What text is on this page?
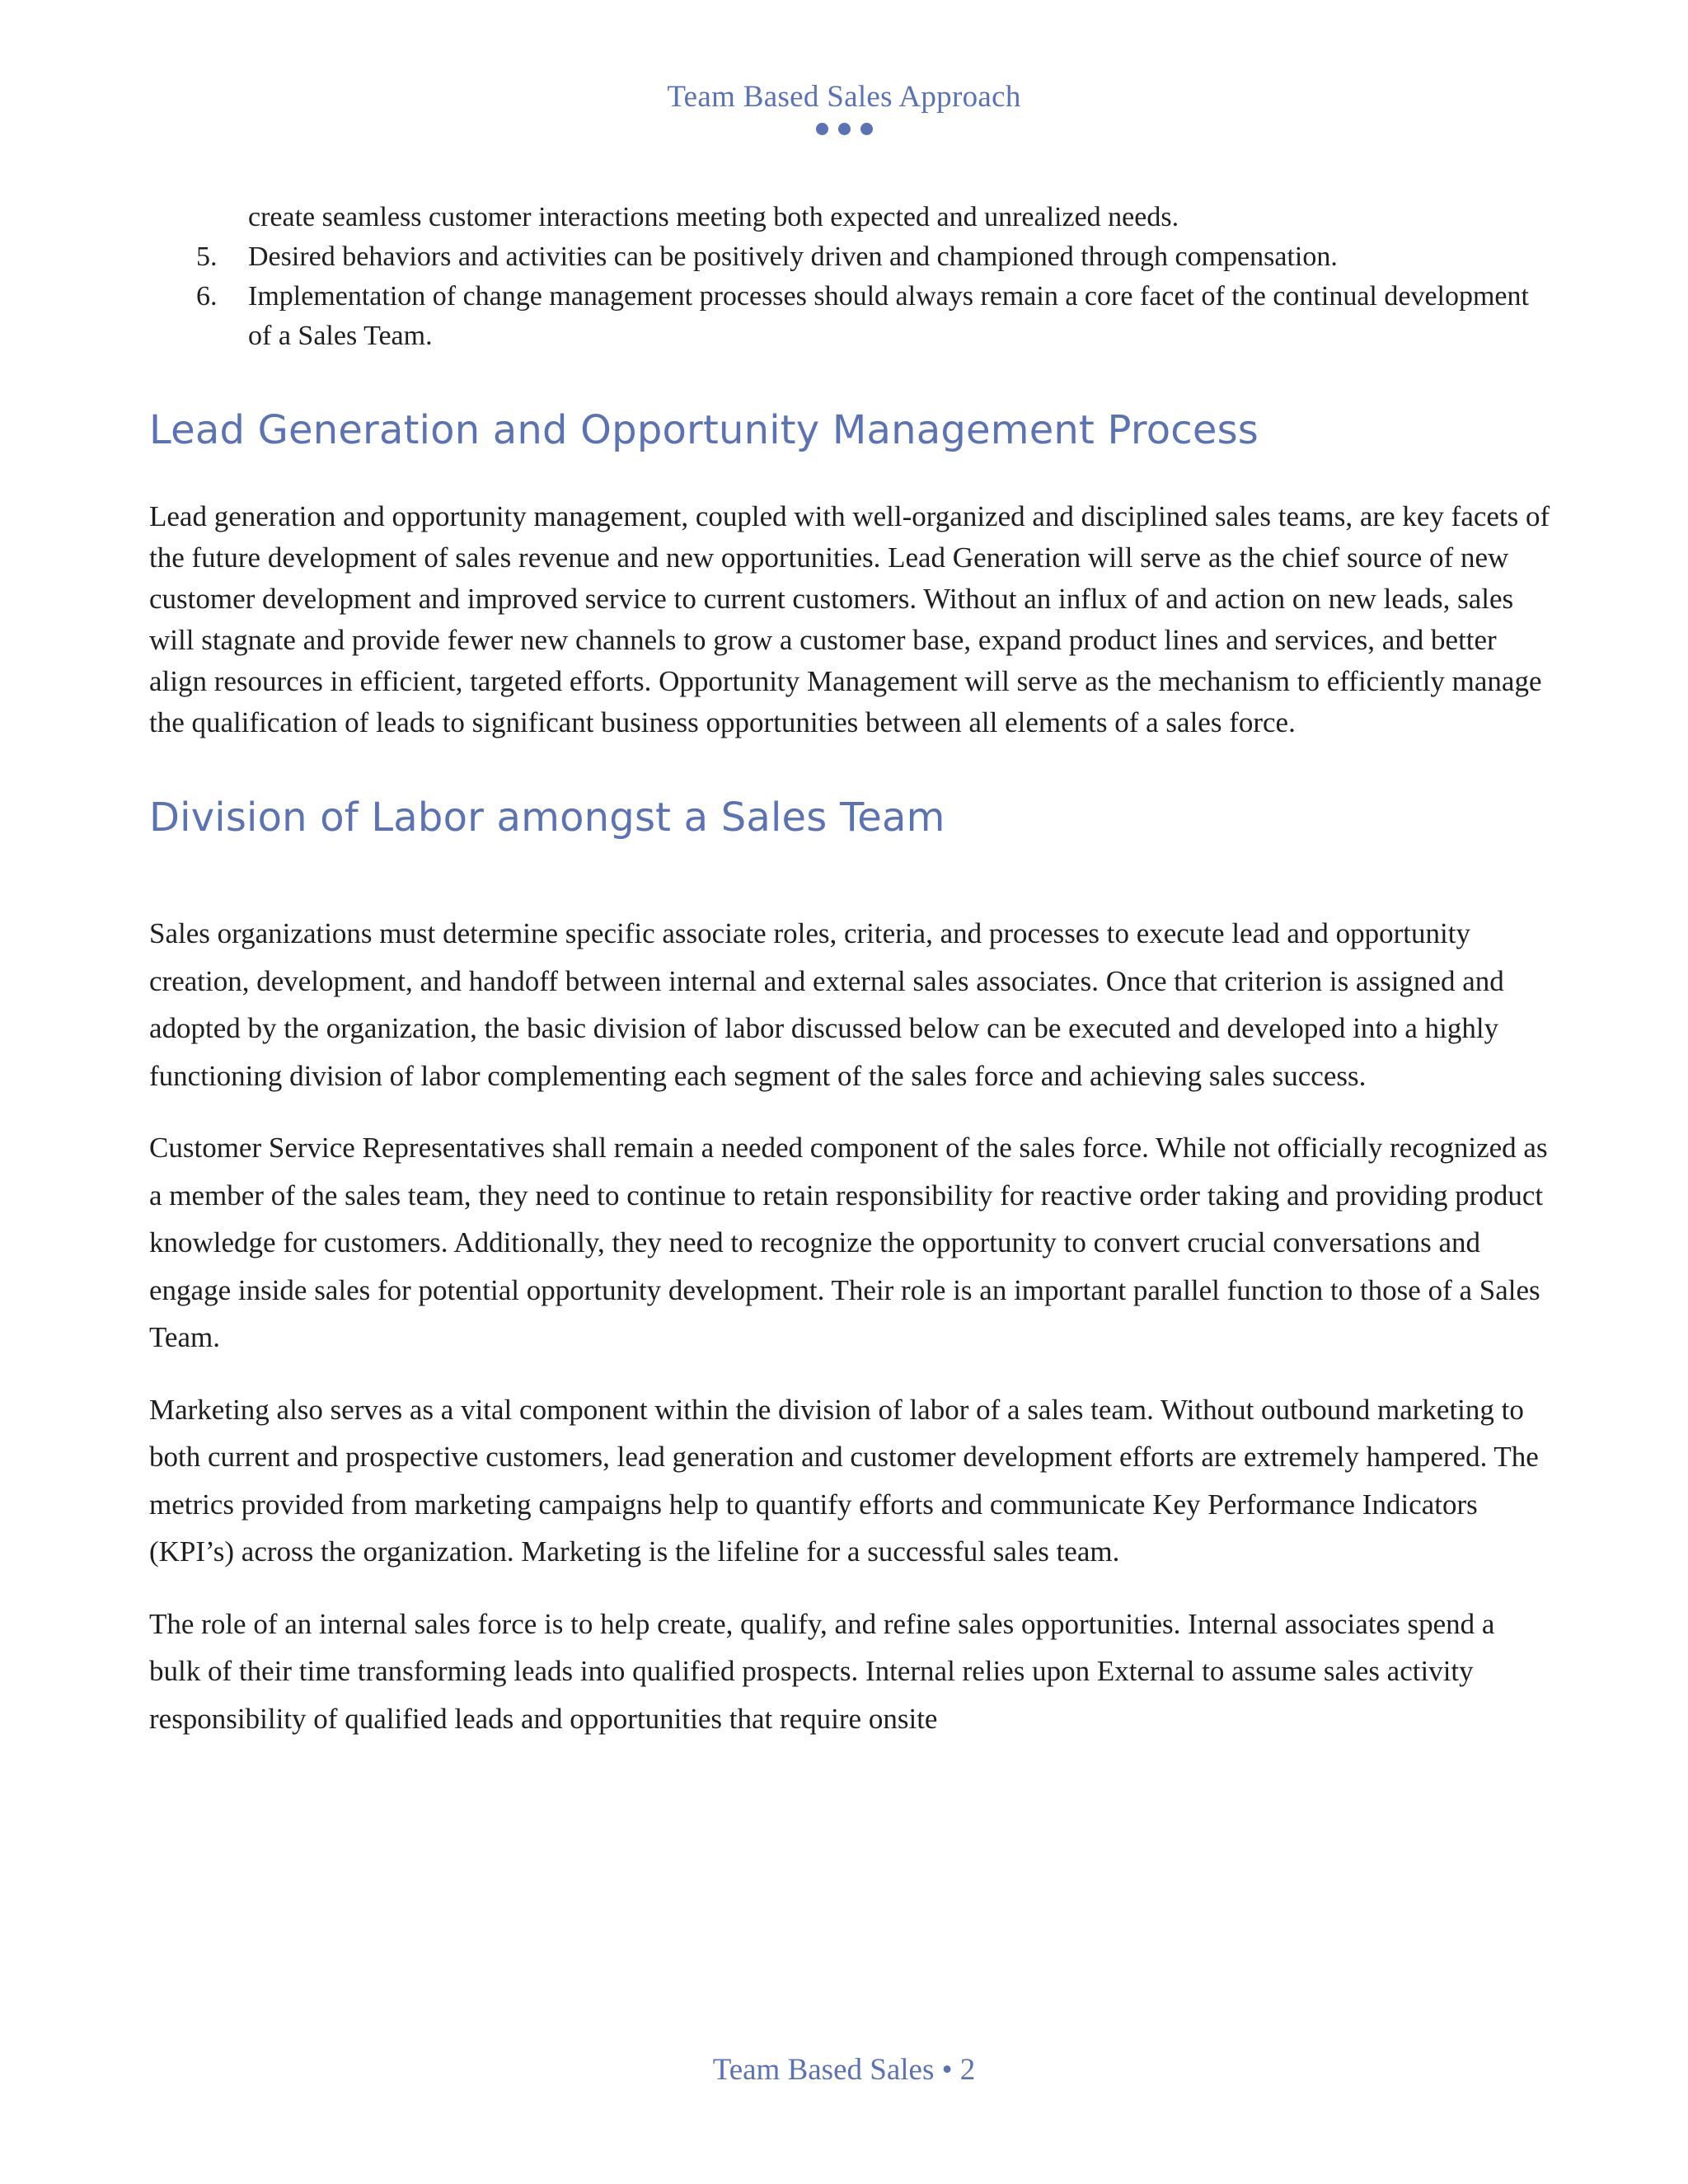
Team Based Sales Approach
create seamless customer interactions meeting both expected and unrealized needs.
5. Desired behaviors and activities can be positively driven and championed through compensation.
6. Implementation of change management processes should always remain a core facet of the continual development of a Sales Team.
Lead Generation and Opportunity Management Process

Lead generation and opportunity management, coupled with well-organized and disciplined sales teams, are key facets of the future development of sales revenue and new opportunities. Lead Generation will serve as the chief source of new customer development and improved service to current customers. Without an influx of and action on new leads, sales will stagnate and provide fewer new channels to grow a customer base, expand product lines and services, and better align resources in efficient, targeted efforts. Opportunity Management will serve as the mechanism to efficiently manage the qualification of leads to significant business opportunities between all elements of a sales force.

Division of Labor amongst a Sales Team

Sales organizations must determine specific associate roles, criteria, and processes to execute lead and opportunity creation, development, and handoff between internal and external sales associates. Once that criterion is assigned and adopted by the organization, the basic division of labor discussed below can be executed and developed into a highly functioning division of labor complementing each segment of the sales force and achieving sales success.

Customer Service Representatives shall remain a needed component of the sales force. While not officially recognized as a member of the sales team, they need to continue to retain responsibility for reactive order taking and providing product knowledge for customers. Additionally, they need to recognize the opportunity to convert crucial conversations and engage inside sales for potential opportunity development. Their role is an important parallel function to those of a Sales Team.

Marketing also serves as a vital component within the division of labor of a sales team. Without outbound marketing to both current and prospective customers, lead generation and customer development efforts are extremely hampered. The metrics provided from marketing campaigns help to quantify efforts and communicate Key Performance Indicators (KPI’s) across the organization. Marketing is the lifeline for a successful sales team.

The role of an internal sales force is to help create, qualify, and refine sales opportunities. Internal associates spend a bulk of their time transforming leads into qualified prospects. Internal relies upon External to assume sales activity responsibility of qualified leads and opportunities that require onsite

Team Based Sales • 2
